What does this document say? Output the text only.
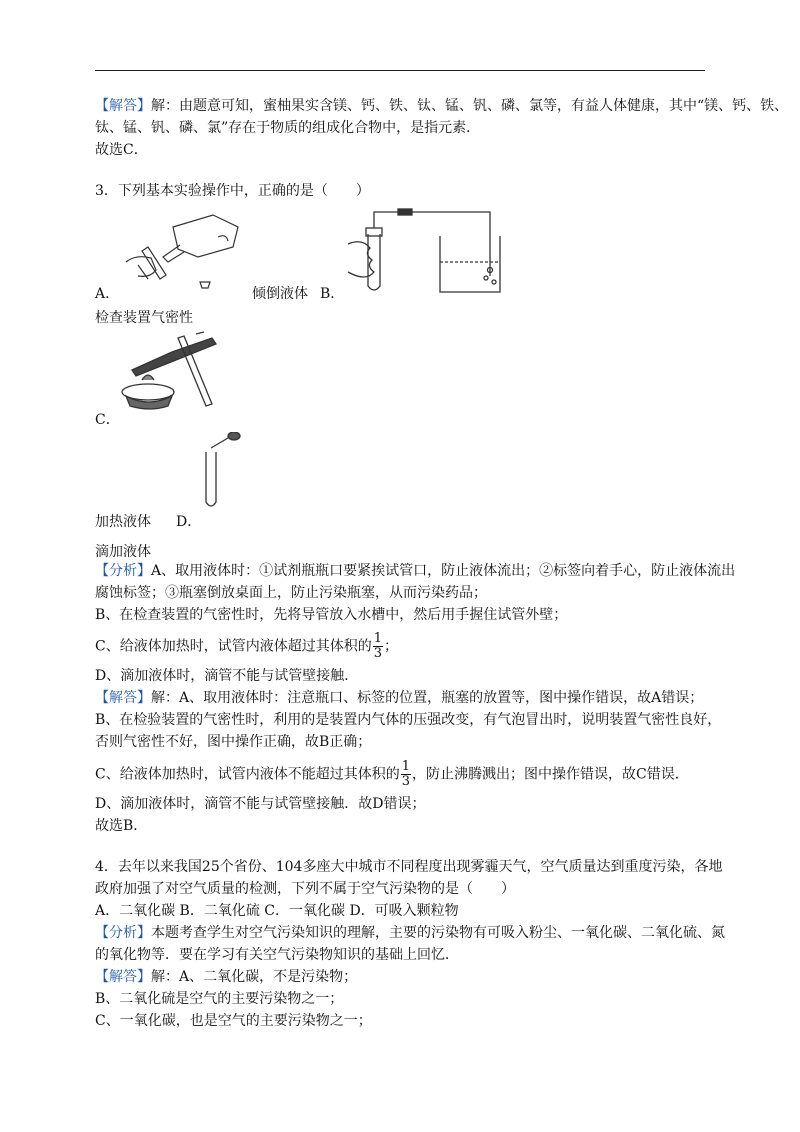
【解答】解：由题意可知，蜜柚果实含镁、钙、铁、钛、锰、钒、磷、氯等，有益人体健康，其中“镁、钙、铁、
钛、锰、钒、磷、氯”存在于物质的组成化合物中，是指元素．
故选C．
3．下列基本实验操作中，正确的是（　　）
A．	倾倒液体 B．
检查装置气密性
C．
加热液体 D．
滴加液体
【分析】A、取用液体时：①试剂瓶瓶口要紧挨试管口，防止液体流出；②标签向着手心，防止液体流出
腐蚀标签；③瓶塞倒放桌面上，防止污染瓶塞，从而污染药品；
B、在检查装置的气密性时，先将导管放入水槽中，然后用手握住试管外壁；
C、给液体加热时，试管内液体超过其体积的 $\frac{1}{3}$ ；
D、滴加液体时，滴管不能与试管壁接触．
【解答】解：A、取用液体时：注意瓶口、标签的位置，瓶塞的放置等，图中操作错误，故A错误；
B、在检验装置的气密性时，利用的是装置内气体的压强改变，有气泡冒出时，说明装置气密性良好，
否则气密性不好，图中操作正确，故B正确；
C、给液体加热时，试管内液体不能超过其体积的 $\frac{1}{3}$ ，防止沸腾溅出；图中操作错误，故C错误．
D、滴加液体时，滴管不能与试管壁接触．故D错误；
故选B．
4．去年以来我国25个省份、104多座大中城市不同程度出现雾霾天气，空气质量达到重度污染，各地
政府加强了对空气质量的检测，下列不属于空气污染物的是（　　）
A．二氧化碳 B．二氧化硫 C．一氧化碳 D．可吸入颗粒物
【分析】本题考查学生对空气污染知识的理解，主要的污染物有可吸入粉尘、一氧化碳、二氧化硫、氮
的氧化物等．要在学习有关空气污染物知识的基础上回忆．
【解答】解：A、二氧化碳，不是污染物；
B、二氧化硫是空气的主要污染物之一；
C、一氧化碳，也是空气的主要污染物之一；
